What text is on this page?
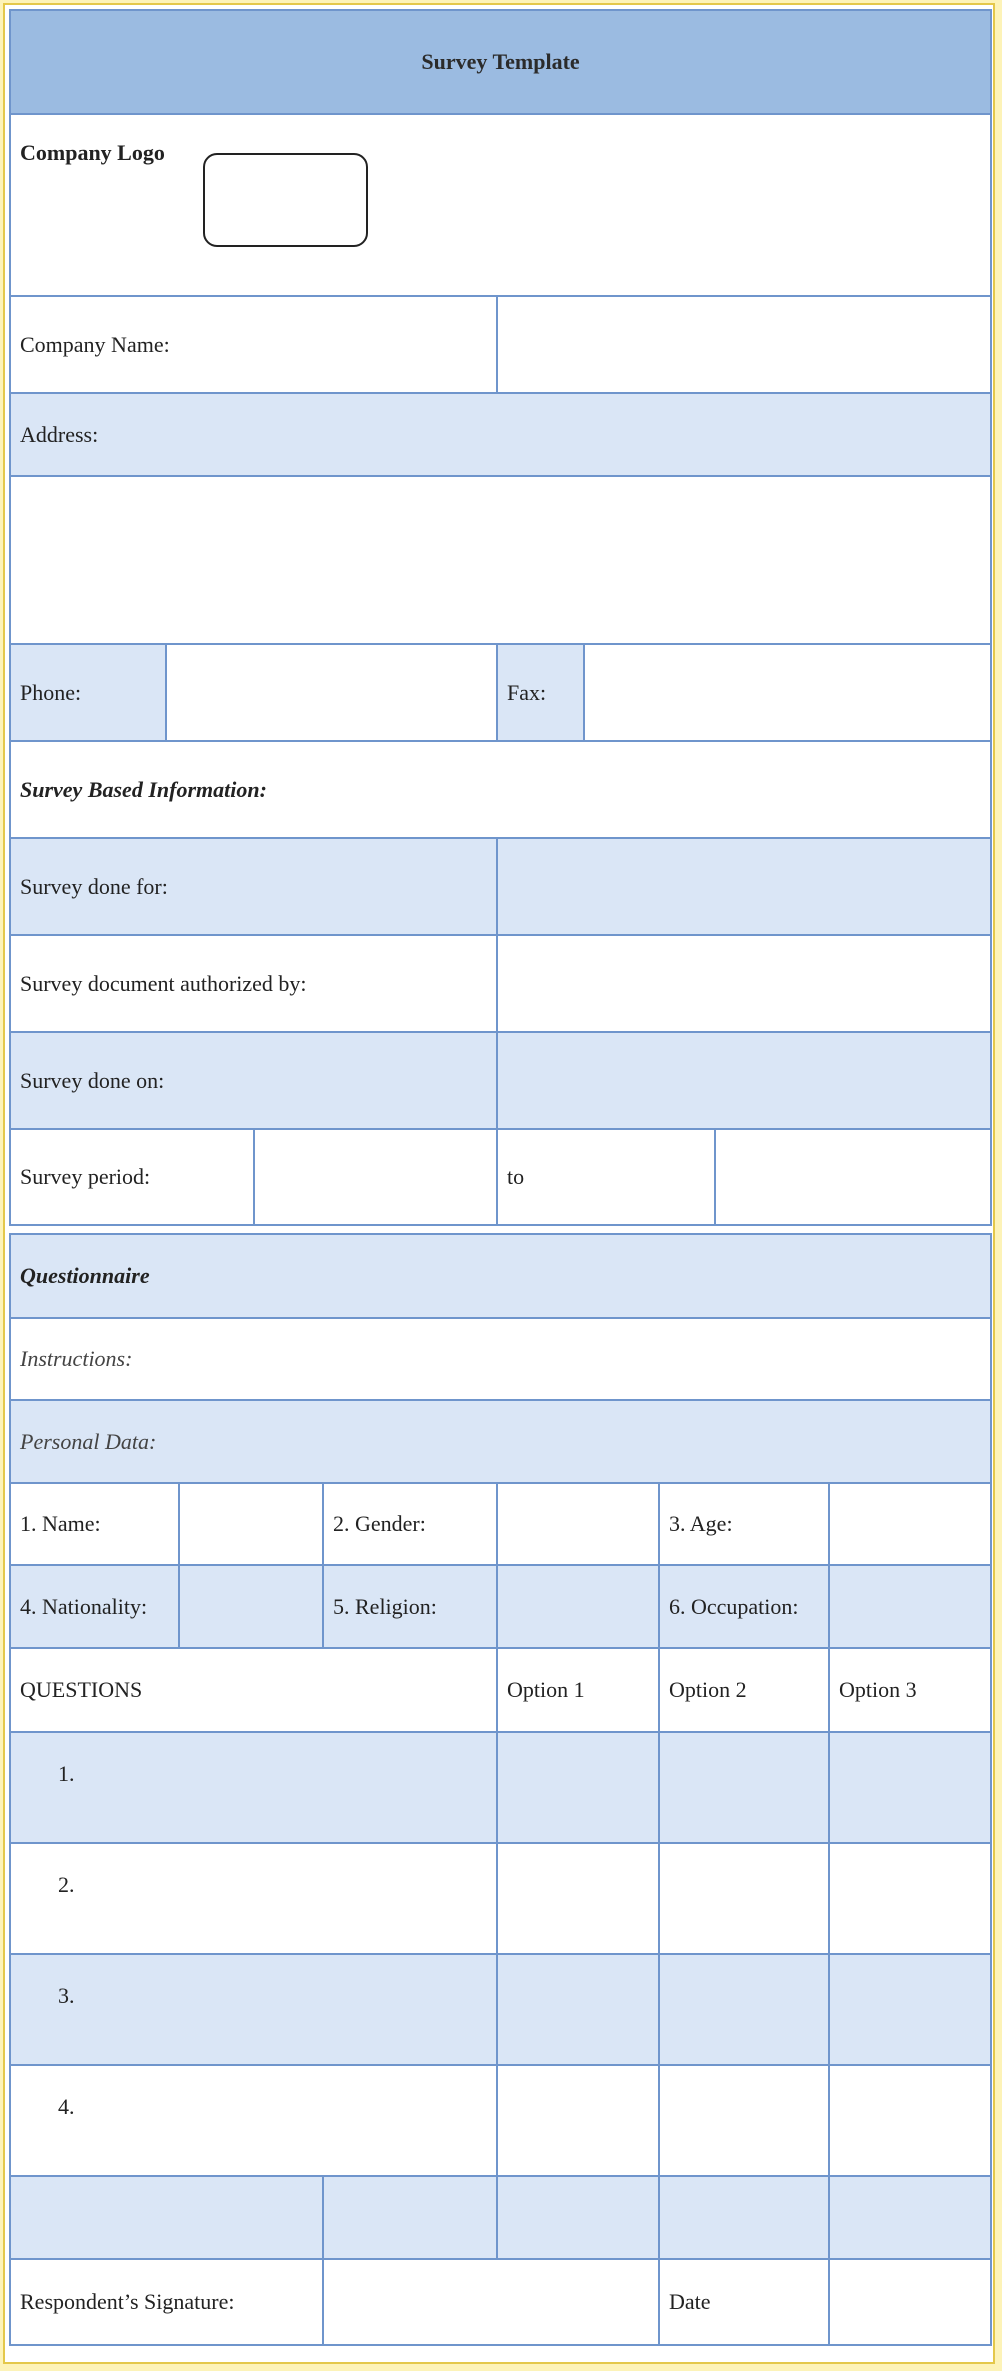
Survey Template					

Company Logo					

Company Name:					
Address:					

Phone:			Fax:		
Survey Based Information:					
Survey done for:					
Survey document authorized by:					
Survey done on:					
Survey period:			to		
Questionnaire					
Instructions:					
Personal Data:					
1. Name:		2. Gender:		3. Age:	
4. Nationality:		5. Religion:		6. Occupation:	
QUESTIONS		Option 1	Option 2	Option 3
1.				
2.				
3.				
4.				

Respondent’s Signature:			Date	
